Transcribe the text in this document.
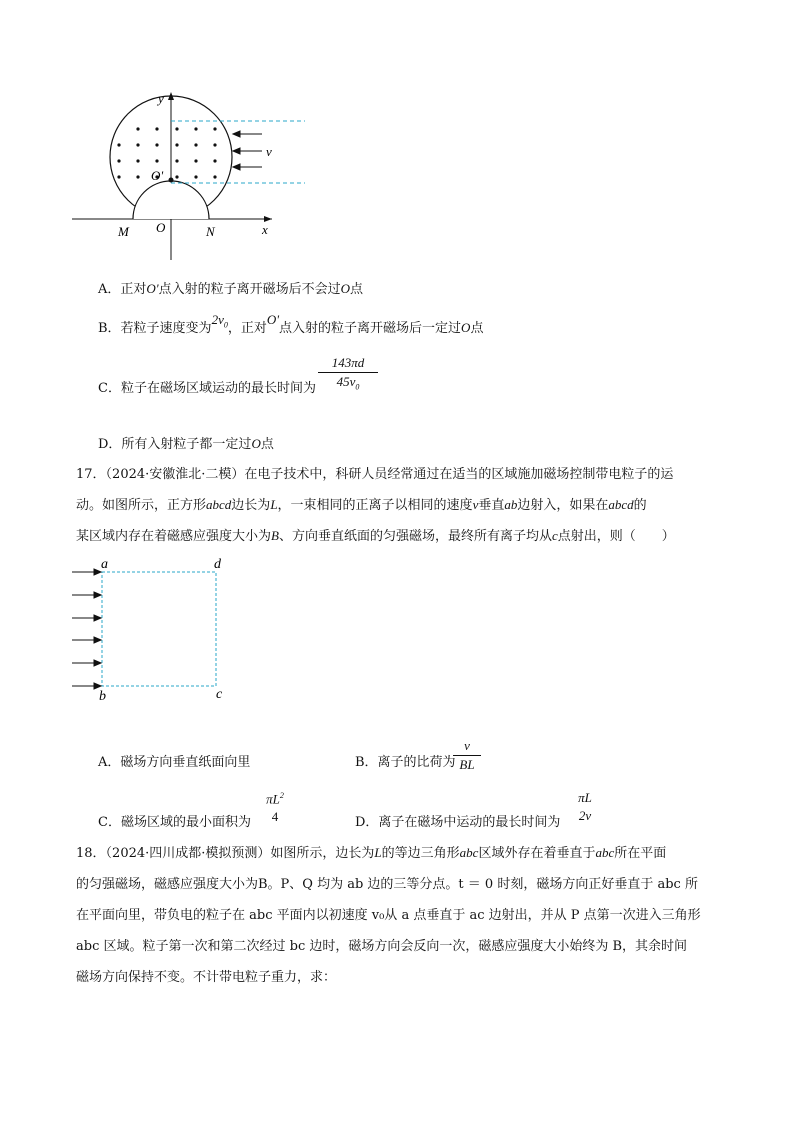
y
x
v
O'
O
M	N
A．正对O'点入射的粒子离开磁场后不会过O点
B．若粒子速度变为$2v_0$，正对O'点入射的粒子离开磁场后一定过O点
C．粒子在磁场区域运动的最长时间为 $\frac{143\pi d}{45v_0}$
D．所有入射粒子都一定过O点
17．（2024·安徽淮北·二模）在电子技术中，科研人员经常通过在适当的区域施加磁场控制带电粒子的运
动。如图所示，正方形abcd边长为L，一束相同的正离子以相同的速度v垂直ab边射入，如果在abcd的
某区域内存在着磁感应强度大小为B、方向垂直纸面的匀强磁场，最终所有离子均从c点射出，则（　　）
a	d
b	c
A．磁场方向垂直纸面向里	B．离子的比荷为
$\frac{v}{BL}$
C．磁场区域的最小面积为
$\pi L^2$
4	D．离子在磁场中运动的最长时间为
πL
2v
18．（2024·四川成都·模拟预测）如图所示，边长为L的等边三角形abc区域外存在着垂直于abc所在平面
的匀强磁场，磁感应强度大小为B。P、Q 均为 ab 边的三等分点。t ＝ 0 时刻，磁场方向正好垂直于 abc 所
在平面向里，带负电的粒子在 abc 平面内以初速度 v₀从 a 点垂直于 ac 边射出，并从 P 点第一次进入三角形
abc 区域。粒子第一次和第二次经过 bc 边时，磁场方向会反向一次，磁感应强度大小始终为 B，其余时间
磁场方向保持不变。不计带电粒子重力，求：
